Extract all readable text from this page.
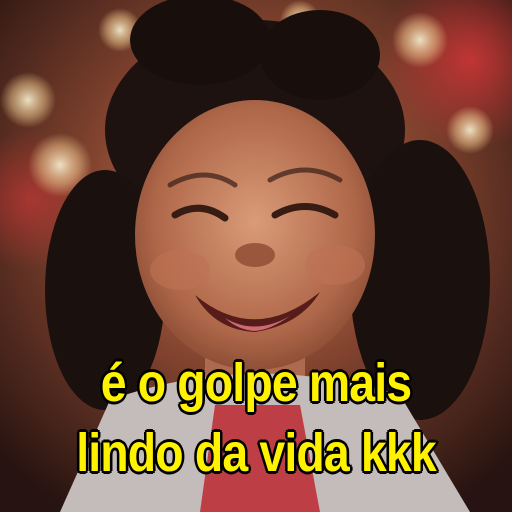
é o golpe mais
lindo da vida kkk
